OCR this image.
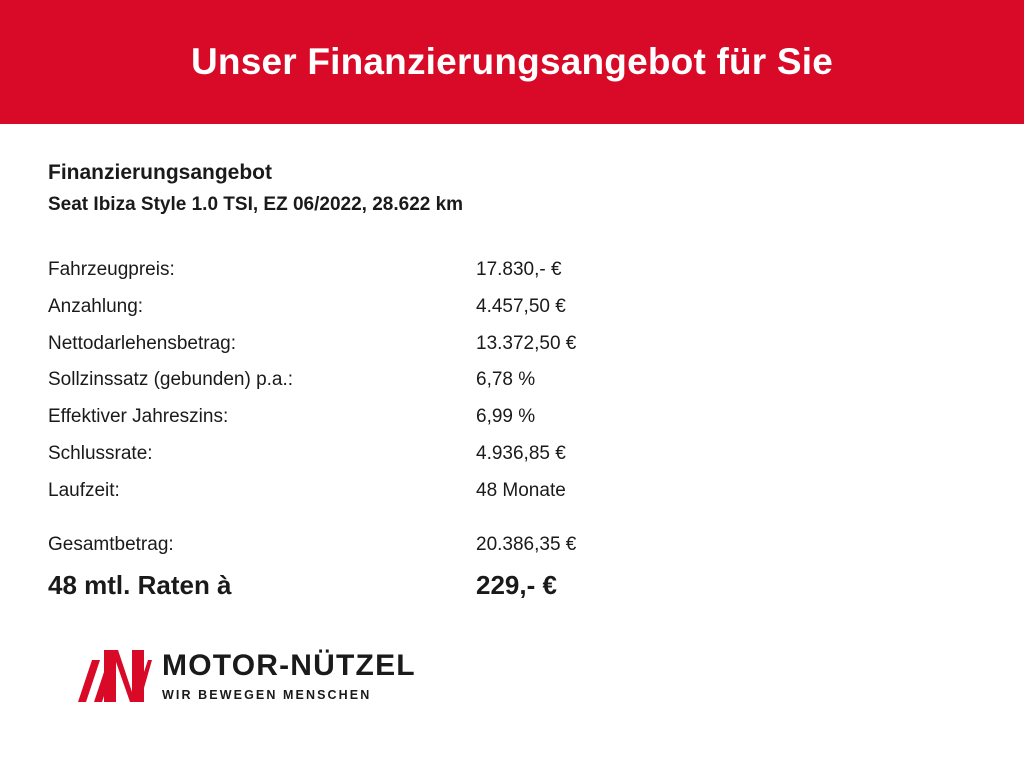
Unser Finanzierungsangebot für Sie
Finanzierungsangebot
Seat Ibiza Style 1.0 TSI, EZ 06/2022, 28.622 km
Fahrzeugpreis:	17.830,- €
Anzahlung:	4.457,50 €
Nettodarlehensbetrag:	13.372,50 €
Sollzinssatz (gebunden) p.a.:	6,78 %
Effektiver Jahreszins:	6,99 %
Schlussrate:	4.936,85 €
Laufzeit:	48 Monate
Gesamtbetrag:	20.386,35 €
48 mtl. Raten à	229,- €
MOTOR-NÜTZEL
WIR BEWEGEN MENSCHEN
